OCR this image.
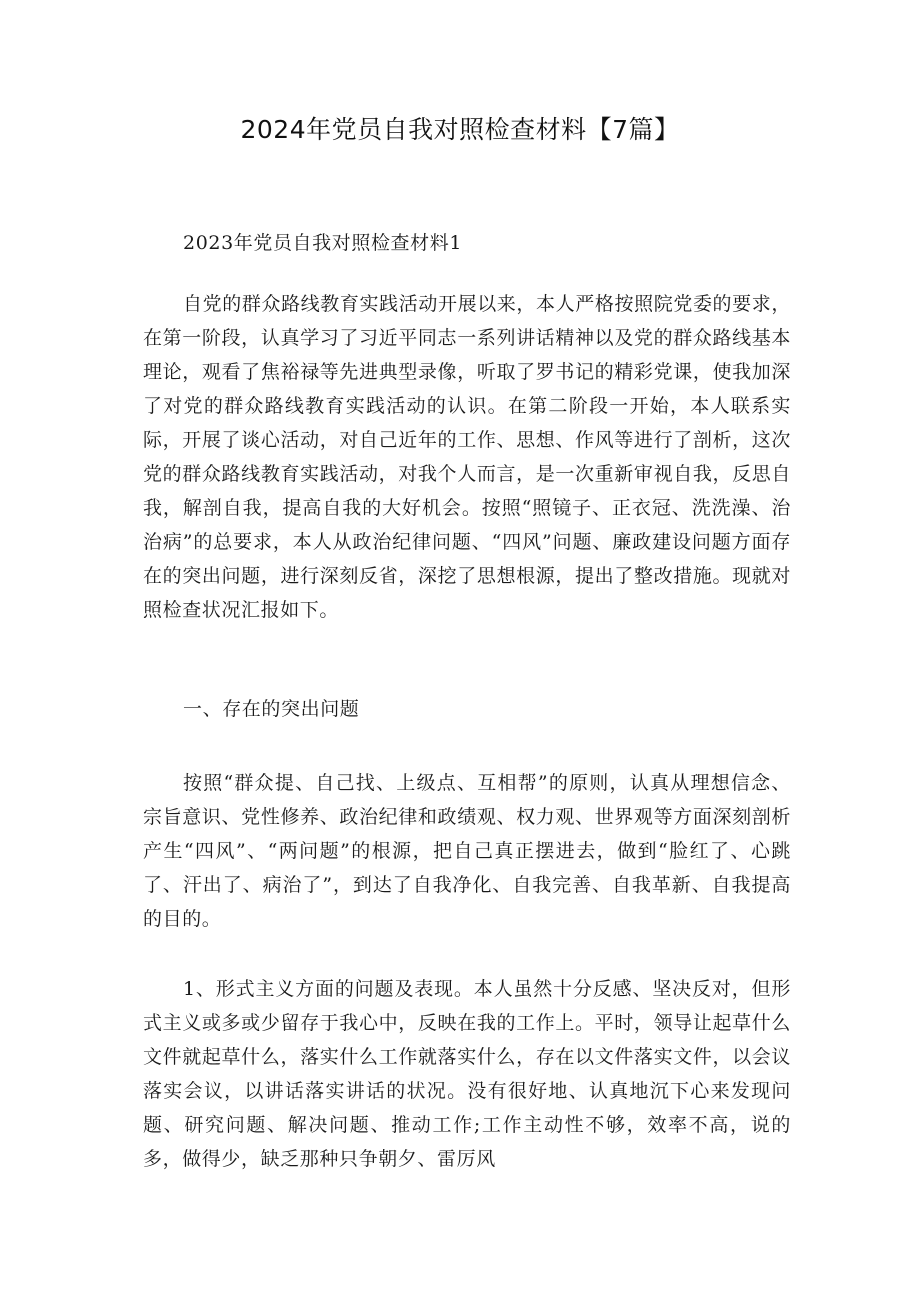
2024年党员自我对照检查材料【7篇】

2023年党员自我对照检查材料1

自党的群众路线教育实践活动开展以来，本人严格按照院党委的要求，在第一阶段，认真学习了习近平同志一系列讲话精神以及党的群众路线基本理论，观看了焦裕禄等先进典型录像，听取了罗书记的精彩党课，使我加深了对党的群众路线教育实践活动的认识。在第二阶段一开始，本人联系实际，开展了谈心活动，对自己近年的工作、思想、作风等进行了剖析，这次党的群众路线教育实践活动，对我个人而言，是一次重新审视自我，反思自我，解剖自我，提高自我的大好机会。按照“照镜子、正衣冠、洗洗澡、治治病”的总要求，本人从政治纪律问题、“四风”问题、廉政建设问题方面存在的突出问题，进行深刻反省，深挖了思想根源，提出了整改措施。现就对照检查状况汇报如下。

一、存在的突出问题

按照“群众提、自己找、上级点、互相帮”的原则，认真从理想信念、宗旨意识、党性修养、政治纪律和政绩观、权力观、世界观等方面深刻剖析产生“四风”、“两问题”的根源，把自己真正摆进去，做到“脸红了、心跳了、汗出了、病治了”，到达了自我净化、自我完善、自我革新、自我提高的目的。

1、形式主义方面的问题及表现。本人虽然十分反感、坚决反对，但形式主义或多或少留存于我心中，反映在我的工作上。平时，领导让起草什么文件就起草什么，落实什么工作就落实什么，存在以文件落实文件，以会议落实会议，以讲话落实讲话的状况。没有很好地、认真地沉下心来发现问题、研究问题、解决问题、推动工作;工作主动性不够，效率不高，说的多，做得少，缺乏那种只争朝夕、雷厉风
